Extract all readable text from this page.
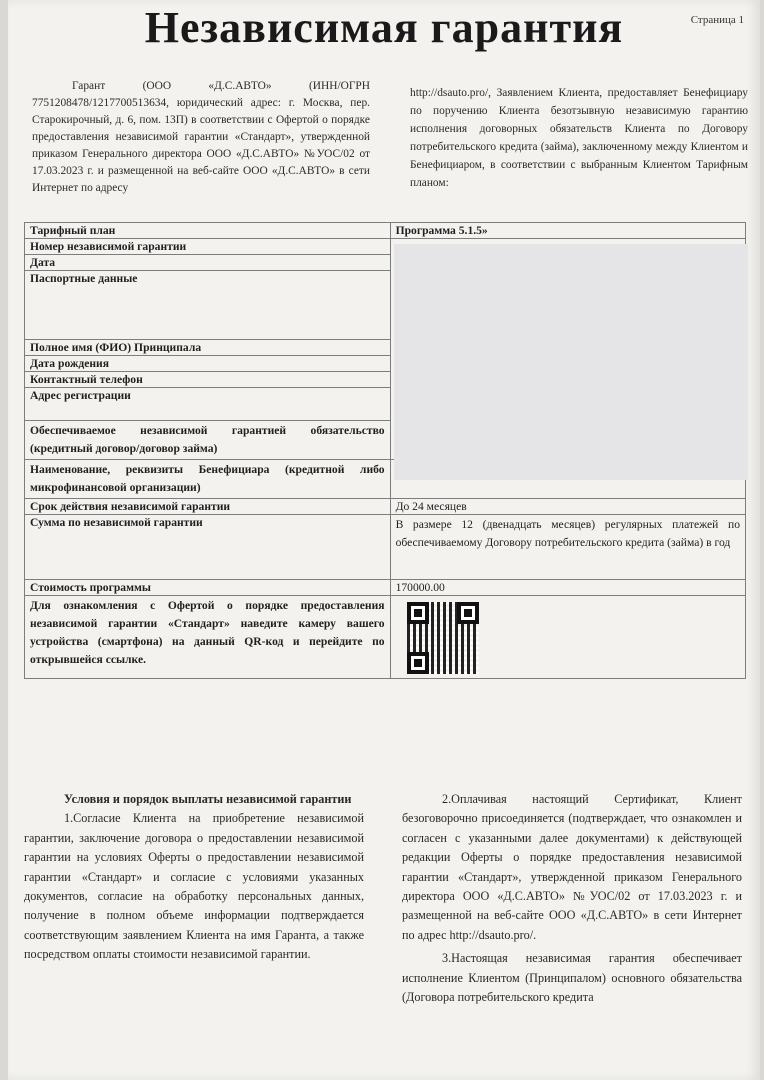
Независимая гарантия	Страница 1
Гарант (ООО «Д.С.АВТО» (ИНН/ОГРН 7751208478/1217700513634, юридический адрес: г. Москва, пер. Старокирочный, д. 6, пом. 13П) в соответствии с Офертой о порядке предоставления независимой гарантии «Стандарт», утвержденной приказом Генерального директора ООО «Д.С.АВТО» №УОС/02 от 17.03.2023 г. и размещенной на веб-сайте ООО «Д.С.АВТО» в сети Интернет по адресу
http://dsauto.pro/, Заявлением Клиента, предоставляет Бенефициару по поручению Клиента безотзывную независимую гарантию исполнения договорных обязательств Клиента по Договору потребительского кредита (займа), заключенному между Клиентом и Бенефициаром, в соответствии с выбранным Клиентом Тарифным планом:
Тарифный план	Программа 5.1.5»
Номер независимой гарантии	
Дата	
Паспортные данные	
Полное имя (ФИО) Принципала	
Дата рождения	
Контактный телефон	
Адрес регистрации	
Обеспечиваемое независимой гарантией обязательство (кредитный договор/договор займа)	
Наименование, реквизиты Бенефициара (кредитной либо микрофинансовой организации)	
Срок действия независимой гарантии	До 24 месяцев
Сумма по независимой гарантии	В размере 12 (двенадцать месяцев) регулярных платежей по обеспечиваемому Договору потребительского кредита (займа) в год
Стоимость программы	170000.00
Для ознакомления с Офертой о порядке предоставления независимой гарантии «Стандарт» наведите камеру вашего устройства (смартфона) на данный QR-код и перейдите по открывшейся ссылке.	

Условия и порядок выплаты независимой гарантии

1.Согласие Клиента на приобретение независимой гарантии, заключение договора о предоставлении независимой гарантии на условиях Оферты о предоставлении независимой гарантии «Стандарт» и согласие с условиями указанных документов, согласие на обработку персональных данных, получение в полном объеме информации подтверждается соответствующим заявлением Клиента на имя Гаранта, а также посредством оплаты стоимости независимой гарантии.

2.Оплачивая настоящий Сертификат, Клиент безоговорочно присоединяется (подтверждает, что ознакомлен и согласен с указанными далее документами) к действующей редакции Оферты о порядке предоставления независимой гарантии «Стандарт», утвержденной приказом Генерального директора ООО «Д.С.АВТО» №УОС/02 от 17.03.2023 г. и размещенной на веб-сайте ООО «Д.С.АВТО» в сети Интернет по адрес http://dsauto.pro/.

3.Настоящая независимая гарантия обеспечивает исполнение Клиентом (Принципалом) основного обязательства (Договора потребительского кредита
